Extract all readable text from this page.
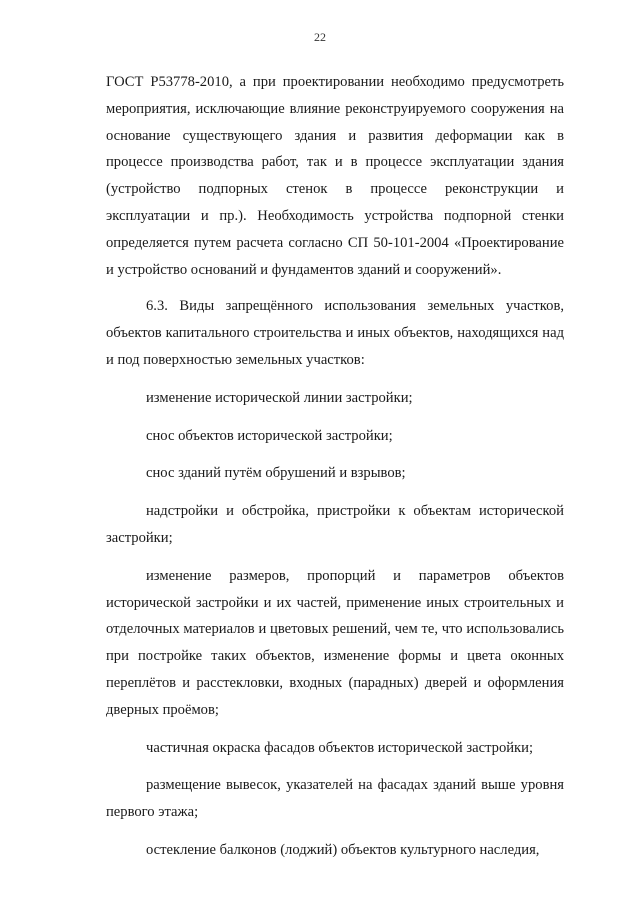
22

ГОСТ Р53778-2010, а при проектировании необходимо предусмотреть мероприятия, исключающие влияние реконструируемого сооружения на основание существующего здания и развития деформации как в процессе производства работ, так и в процессе эксплуатации здания (устройство подпорных стенок в процессе реконструкции и эксплуатации и пр.). Необходимость устройства подпорной стенки определяется путем расчета согласно СП 50-101-2004 «Проектирование и устройство оснований и фундаментов зданий и сооружений».

6.3. Виды запрещённого использования земельных участков, объектов капитального строительства и иных объектов, находящихся над и под поверхностью земельных участков:

изменение исторической линии застройки;

снос объектов исторической застройки;

снос зданий путём обрушений и взрывов;

надстройки и обстройка, пристройки к объектам исторической застройки;

изменение размеров, пропорций и параметров объектов исторической застройки и их частей, применение иных строительных и отделочных материалов и цветовых решений, чем те, что использовались при постройке таких объектов, изменение формы и цвета оконных переплётов и расстекловки, входных (парадных) дверей и оформления дверных проёмов;

частичная окраска фасадов объектов исторической застройки;

размещение вывесок, указателей на фасадах зданий выше уровня первого этажа;

остекление балконов (лоджий) объектов культурного наследия,
